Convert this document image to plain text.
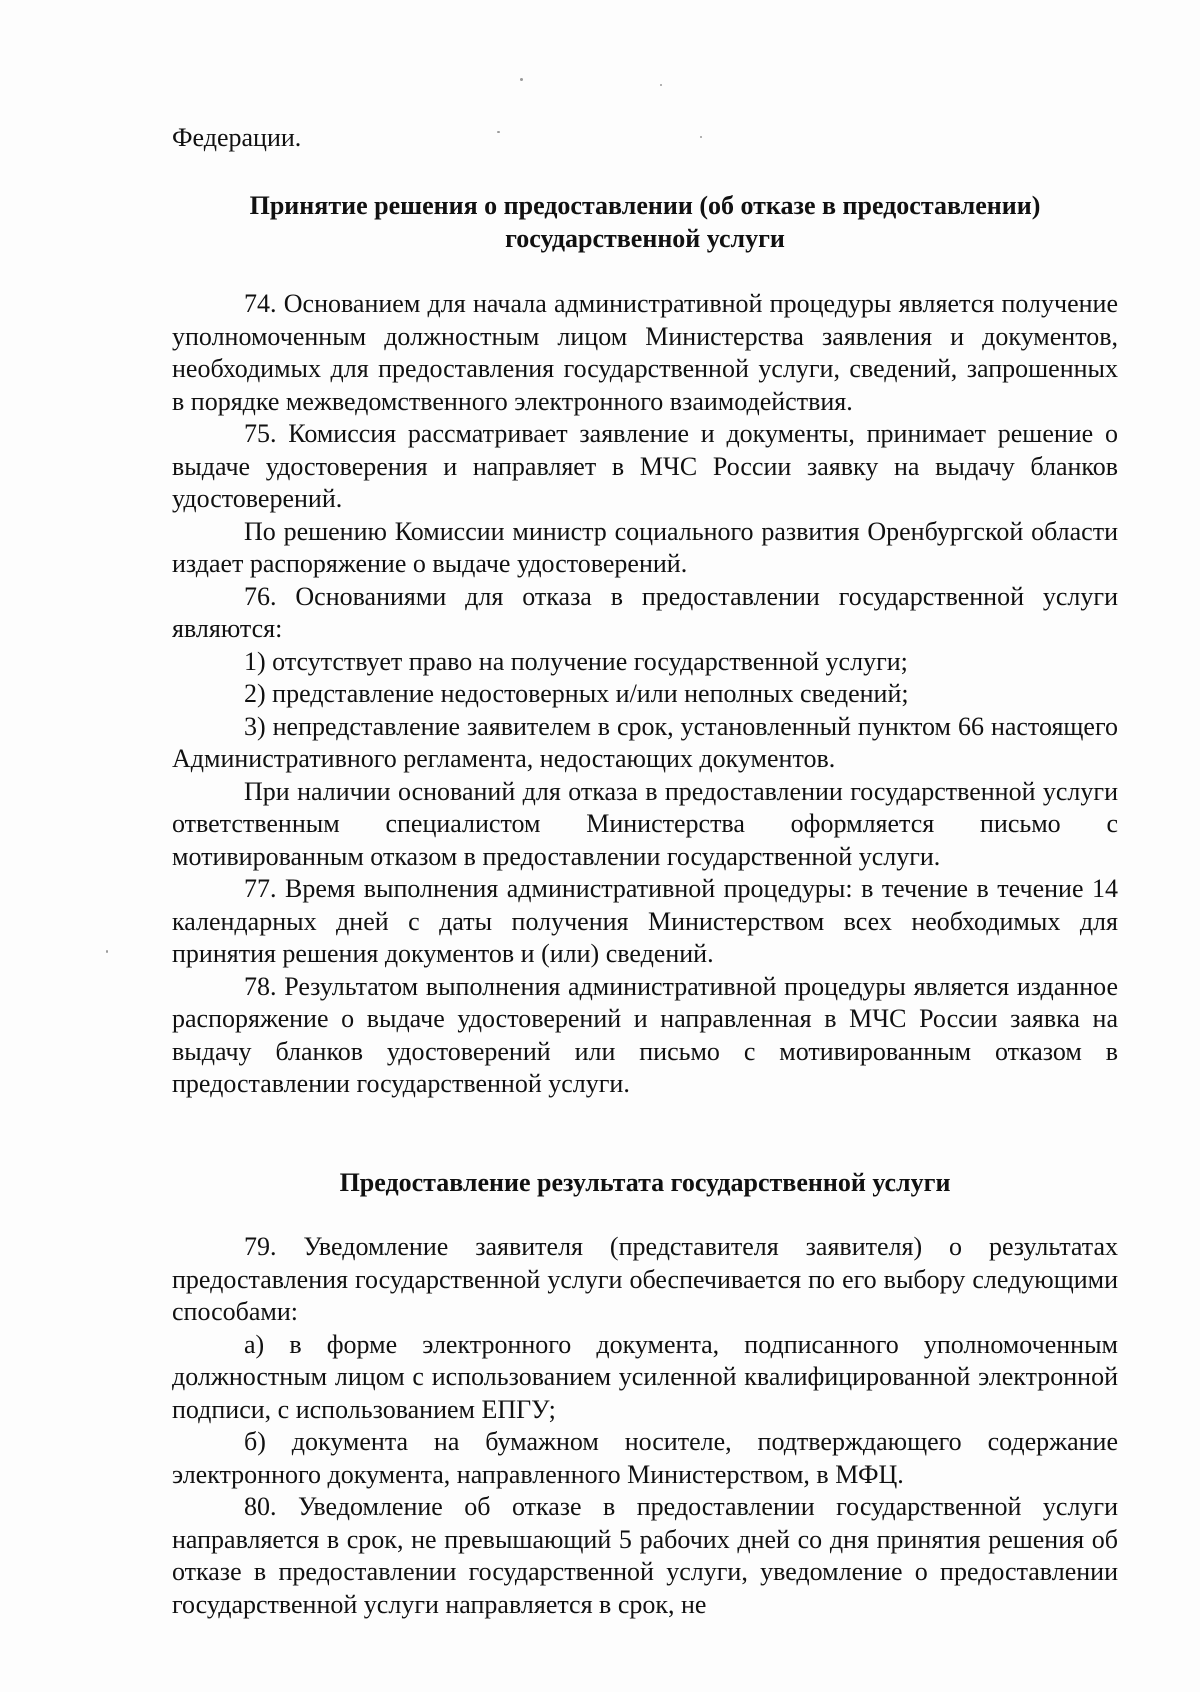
Федерации.
Принятие решения о предоставлении (об отказе в предоставлении)
государственной услуги

74. Основанием для начала административной процедуры является получение уполномоченным должностным лицом Министерства заявления и документов, необходимых для предоставления государственной услуги, сведений, запрошенных в порядке межведомственного электронного взаимодействия.

75. Комиссия рассматривает заявление и документы, принимает решение о выдаче удостоверения и направляет в МЧС России заявку на выдачу бланков удостоверений.

По решению Комиссии министр социального развития Оренбургской области издает распоряжение о выдаче удостоверений.

76. Основаниями для отказа в предоставлении государственной услуги являются:

1) отсутствует право на получение государственной услуги;

2) представление недостоверных и/или неполных сведений;

3) непредставление заявителем в срок, установленный пунктом 66 настоящего Административного регламента, недостающих документов.

При наличии оснований для отказа в предоставлении государственной услуги ответственным специалистом Министерства оформляется письмо с мотивированным отказом в предоставлении государственной услуги.

77. Время выполнения административной процедуры: в течение в течение 14 календарных дней с даты получения Министерством всех необходимых для принятия решения документов и (или) сведений.

78. Результатом выполнения административной процедуры является изданное распоряжение о выдаче удостоверений и направленная в МЧС России заявка на выдачу бланков удостоверений или письмо с мотивированным отказом в предоставлении государственной услуги.

Предоставление результата государственной услуги

79. Уведомление заявителя (представителя заявителя) о результатах предоставления государственной услуги обеспечивается по его выбору следующими способами:

а) в форме электронного документа, подписанного уполномоченным должностным лицом с использованием усиленной квалифицированной электронной подписи, с использованием ЕПГУ;

б) документа на бумажном носителе, подтверждающего содержание электронного документа, направленного Министерством, в МФЦ.

80. Уведомление об отказе в предоставлении государственной услуги направляется в срок, не превышающий 5 рабочих дней со дня принятия решения об отказе в предоставлении государственной услуги, уведомление о предоставлении государственной услуги направляется в срок, не
